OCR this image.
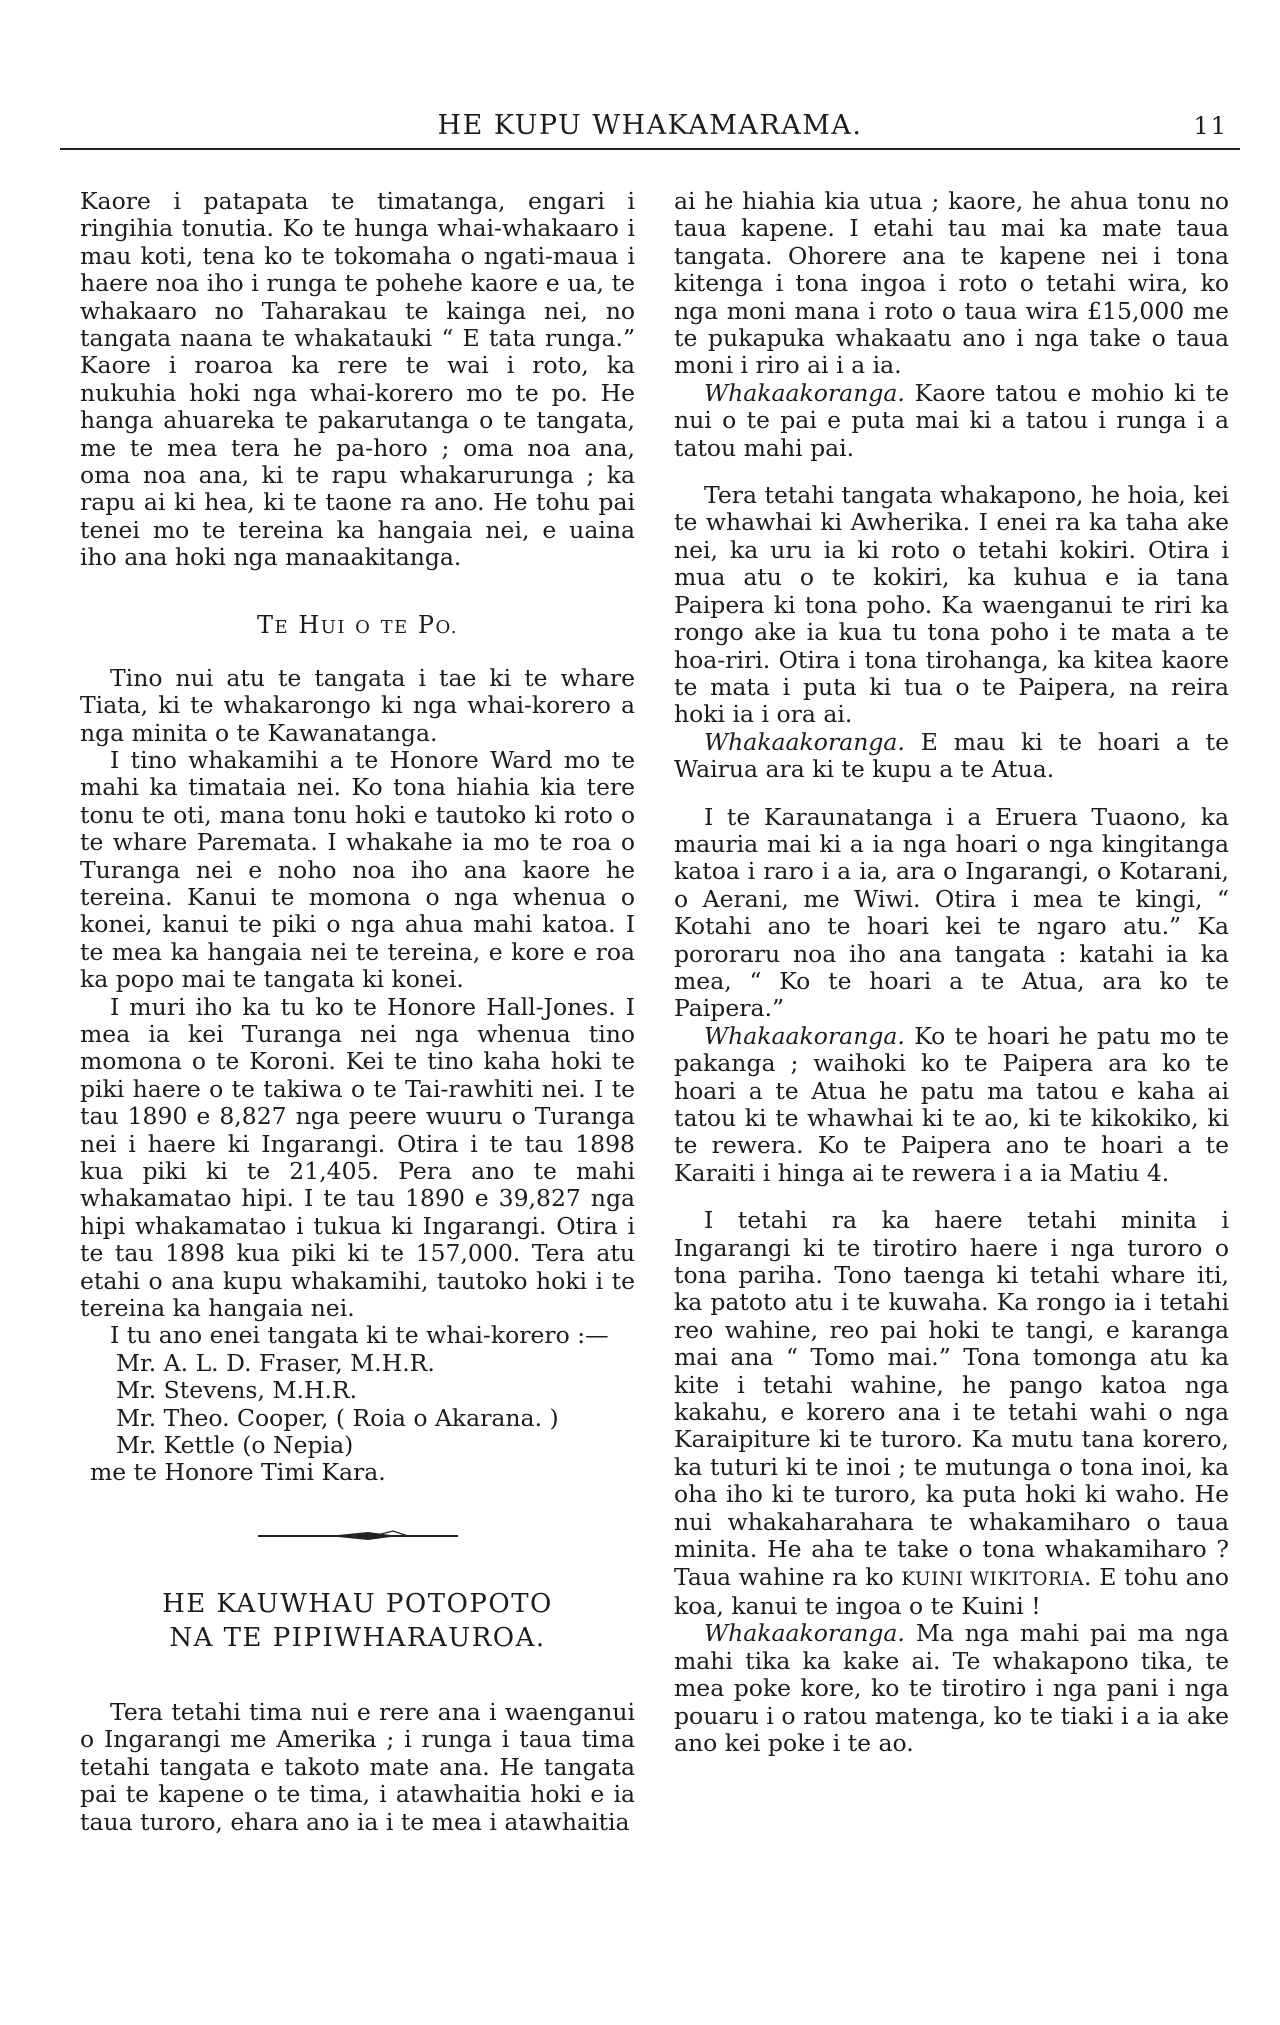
HE KUPU WHAKAMARAMA.	11

Kaore i patapata te timatanga, engari i ringihia tonutia. Ko te hunga whai-whakaaro i mau koti, tena ko te tokomaha o ngati-maua i haere noa iho i runga te pohehe kaore e ua, te whakaaro no Taharakau te kainga nei, no tangata naana te whakatauki “ E tata runga.” Kaore i roaroa ka rere te wai i roto, ka nukuhia hoki nga whai-korero mo te po. He hanga ahuareka te pakarutanga o te tangata, me te mea tera he pa-horo ; oma noa ana, oma noa ana, ki te rapu whakarurunga ; ka rapu ai ki hea, ki te taone ra ano. He tohu pai tenei mo te tereina ka hangaia nei, e uaina iho ana hoki nga manaakitanga.

TE HUI O TE PO.

Tino nui atu te tangata i tae ki te whare Tiata, ki te whakarongo ki nga whai-korero a nga minita o te Kawanatanga.

I tino whakamihi a te Honore Ward mo te mahi ka timataia nei. Ko tona hiahia kia tere tonu te oti, mana tonu hoki e tautoko ki roto o te whare Paremata. I whakahe ia mo te roa o Turanga nei e noho noa iho ana kaore he tereina. Kanui te momona o nga whenua o konei, kanui te piki o nga ahua mahi katoa. I te mea ka hangaia nei te tereina, e kore e roa ka popo mai te tangata ki konei.

I muri iho ka tu ko te Honore Hall-Jones. I mea ia kei Turanga nei nga whenua tino momona o te Koroni. Kei te tino kaha hoki te piki haere o te takiwa o te Tai-rawhiti nei. I te tau 1890 e 8,827 nga peere wuuru o Turanga nei i haere ki Ingarangi. Otira i te tau 1898 kua piki ki te 21,405. Pera ano te mahi whakamatao hipi. I te tau 1890 e 39,827 nga hipi whakamatao i tukua ki Ingarangi. Otira i te tau 1898 kua piki ki te 157,000. Tera atu etahi o ana kupu whakamihi, tautoko hoki i te tereina ka hangaia nei.

I tu ano enei tangata ki te whai-korero :—

Mr. A. L. D. Fraser, M.H.R.
Mr. Stevens, M.H.R.
Mr. Theo. Cooper, ( Roia o Akarana. )
Mr. Kettle (o Nepia)
me te Honore Timi Kara.
HE KAUWHAU POTOPOTO
NA TE PIPIWHARAUROA.

Tera tetahi tima nui e rere ana i waenganui o Ingarangi me Amerika ; i runga i taua tima tetahi tangata e takoto mate ana. He tangata pai te kapene o te tima, i atawhaitia hoki e ia taua turoro, ehara ano ia i te mea i atawhaitia

ai he hiahia kia utua ; kaore, he ahua tonu no taua kapene. I etahi tau mai ka mate taua tangata. Ohorere ana te kapene nei i tona kitenga i tona ingoa i roto o tetahi wira, ko nga moni mana i roto o taua wira £15,000 me te pukapuka whakaatu ano i nga take o taua moni i riro ai i a ia.

Whakaakoranga. Kaore tatou e mohio ki te nui o te pai e puta mai ki a tatou i runga i a tatou mahi pai.

Tera tetahi tangata whakapono, he hoia, kei te whawhai ki Awherika. I enei ra ka taha ake nei, ka uru ia ki roto o tetahi kokiri. Otira i mua atu o te kokiri, ka kuhua e ia tana Paipera ki tona poho. Ka waenganui te riri ka rongo ake ia kua tu tona poho i te mata a te hoa-riri. Otira i tona tirohanga, ka kitea kaore te mata i puta ki tua o te Paipera, na reira hoki ia i ora ai.

Whakaakoranga. E mau ki te hoari a te Wairua ara ki te kupu a te Atua.

I te Karaunatanga i a Eruera Tuaono, ka mauria mai ki a ia nga hoari o nga kingitanga katoa i raro i a ia, ara o Ingarangi, o Kotarani, o Aerani, me Wiwi. Otira i mea te kingi, “ Kotahi ano te hoari kei te ngaro atu.” Ka pororaru noa iho ana tangata : katahi ia ka mea, “ Ko te hoari a te Atua, ara ko te Paipera.”

Whakaakoranga. Ko te hoari he patu mo te pakanga ; waihoki ko te Paipera ara ko te hoari a te Atua he patu ma tatou e kaha ai tatou ki te whawhai ki te ao, ki te kikokiko, ki te rewera. Ko te Paipera ano te hoari a te Karaiti i hinga ai te rewera i a ia Matiu 4.

I tetahi ra ka haere tetahi minita i Ingarangi ki te tirotiro haere i nga turoro o tona pariha. Tono taenga ki tetahi whare iti, ka patoto atu i te kuwaha. Ka rongo ia i tetahi reo wahine, reo pai hoki te tangi, e karanga mai ana “ Tomo mai.” Tona tomonga atu ka kite i tetahi wahine, he pango katoa nga kakahu, e korero ana i te tetahi wahi o nga Karaipiture ki te turoro. Ka mutu tana korero, ka tuturi ki te inoi ; te mutunga o tona inoi, ka oha iho ki te turoro, ka puta hoki ki waho. He nui whakaharahara te whakamiharo o taua minita. He aha te take o tona whakamiharo ? Taua wahine ra ko KUINI WIKITORIA. E tohu ano koa, kanui te ingoa o te Kuini !

Whakaakoranga. Ma nga mahi pai ma nga mahi tika ka kake ai. Te whakapono tika, te mea poke kore, ko te tirotiro i nga pani i nga pouaru i o ratou matenga, ko te tiaki i a ia ake ano kei poke i te ao.
